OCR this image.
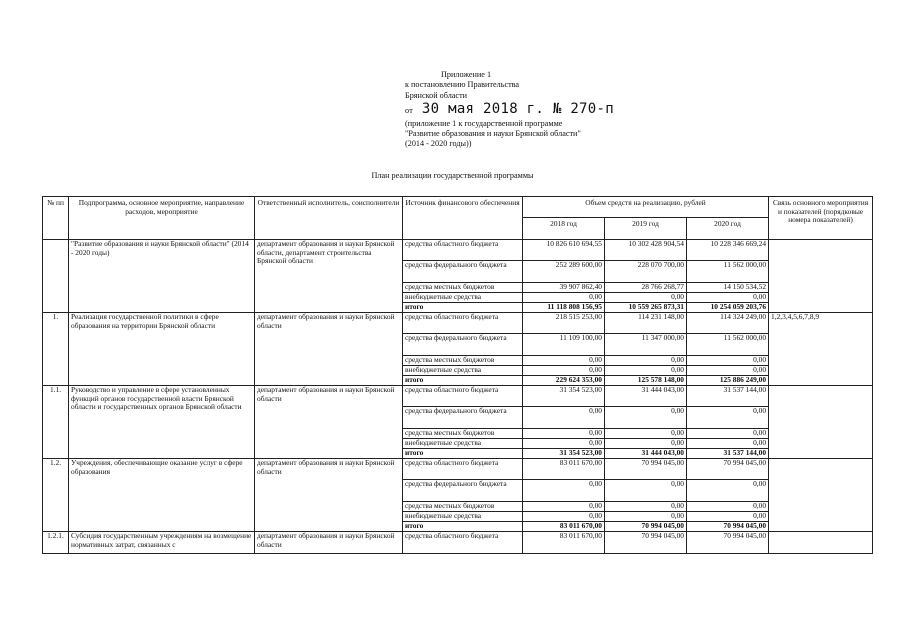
Приложение 1
к постановлению Правительства
Брянской области
от 30 мая 2018 г. № 270-п
(приложение 1 к государственной программе
"Развитие образования и науки Брянской области"
(2014 - 2020 годы))
План реализации государственной программы
№ пп	Подпрограмма, основное мероприятие, направление расходов, мероприятие	Ответственный исполнитель, соисполнители	Источник финансового обеспечения	Объем средств на реализацию, рублей			Связь основного мероприятия и показателей (порядковые номера показателей)
				2018 год	2019 год	2020 год	
	"Развитие образования и науки Брянской области" (2014 - 2020 годы)	департамент образования и науки Брянской области, департамент строительства Брянской области	средства областного бюджета	10 826 610 694,55	10 302 428 904,54	10 228 346 669,24	
			средства федерального бюджета	252 289 600,00	228 070 700,00	11 562 000,00	
			средства местных бюджетов	39 907 862,40	28 766 268,77	14 150 534,52	
			внебюджетные средства	0,00	0,00	0,00	
			итого	11 118 808 156,95	10 559 265 873,31	10 254 059 203,76	
1.	Реализация государственной политики в сфере образования на территории Брянской области	департамент образования и науки Брянской области	средства областного бюджета	218 515 253,00	114 231 148,00	114 324 249,00	1,2,3,4,5,6,7,8,9
			средства федерального бюджета	11 109 100,00	11 347 000,00	11 562 000,00	
			средства местных бюджетов	0,00	0,00	0,00	
			внебюджетные средства	0,00	0,00	0,00	
			итого	229 624 353,00	125 578 148,00	125 886 249,00	
1.1.	Руководство и управление в сфере установленных функций органов государственной власти Брянской области и государственных органов Брянской области	департамент образования и науки Брянской области	средства областного бюджета	31 354 523,00	31 444 043,00	31 537 144,00	
			средства федерального бюджета	0,00	0,00	0,00	
			средства местных бюджетов	0,00	0,00	0,00	
			внебюджетные средства	0,00	0,00	0,00	
			итого	31 354 523,00	31 444 043,00	31 537 144,00	
1.2.	Учреждения, обеспечивающие оказание услуг в сфере образования	департамент образования и науки Брянской области	средства областного бюджета	83 011 670,00	70 994 045,00	70 994 045,00	
			средства федерального бюджета	0,00	0,00	0,00	
			средства местных бюджетов	0,00	0,00	0,00	
			внебюджетные средства	0,00	0,00	0,00	
			итого	83 011 670,00	70 994 045,00	70 994 045,00	
1.2.1.	Субсидия государственным учреждениям на возмещение нормативных затрат, связанных с	департамент образования и науки Брянской области	средства областного бюджета	83 011 670,00	70 994 045,00	70 994 045,00	
